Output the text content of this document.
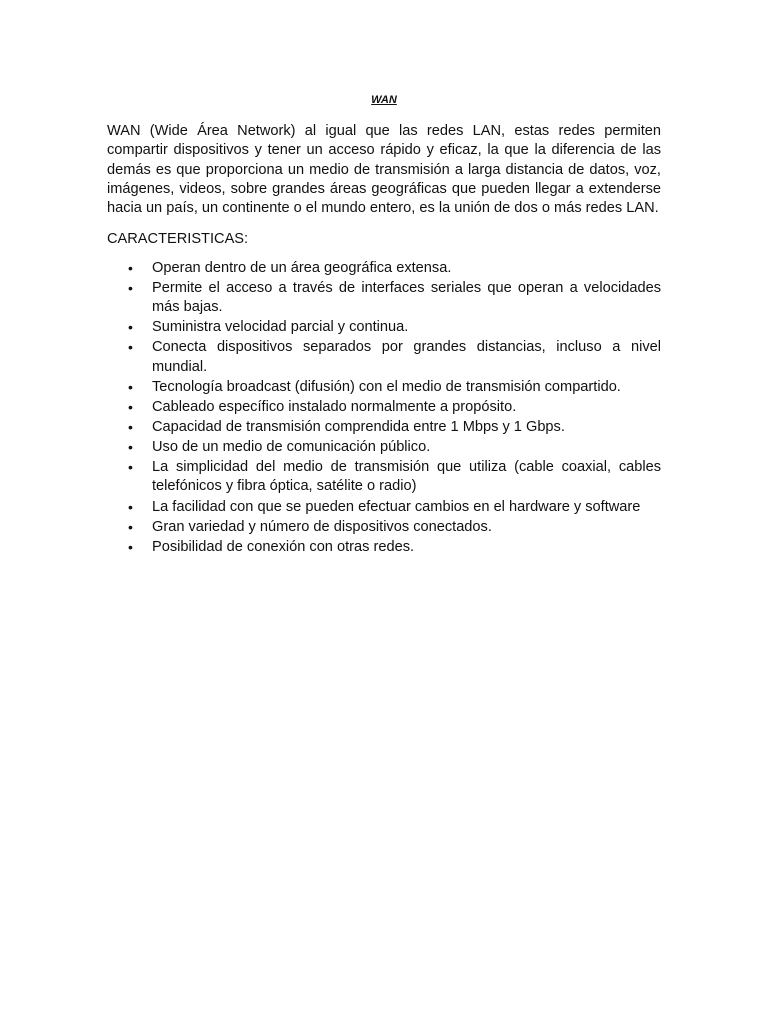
WAN

WAN (Wide Área Network) al igual que las redes LAN, estas redes permiten compartir dispositivos y tener un acceso rápido y eficaz, la que la diferencia de las demás es que proporciona un medio de transmisión a larga distancia de datos, voz, imágenes, videos, sobre grandes áreas geográficas que pueden llegar a extenderse hacia un país, un continente o el mundo entero, es la unión de dos o más redes LAN.

CARACTERISTICAS:
• Operan dentro de un área geográfica extensa.
• Permite el acceso a través de interfaces seriales que operan a velocidades más bajas.
• Suministra velocidad parcial y continua.
• Conecta dispositivos separados por grandes distancias, incluso a nivel mundial.
• Tecnología broadcast (difusión) con el medio de transmisión compartido.
• Cableado específico instalado normalmente a propósito.
• Capacidad de transmisión comprendida entre 1 Mbps y 1 Gbps.
• Uso de un medio de comunicación público.
• La simplicidad del medio de transmisión que utiliza (cable coaxial, cables telefónicos y fibra óptica, satélite o radio)
• La facilidad con que se pueden efectuar cambios en el hardware y software
• Gran variedad y número de dispositivos conectados.
• Posibilidad de conexión con otras redes.
